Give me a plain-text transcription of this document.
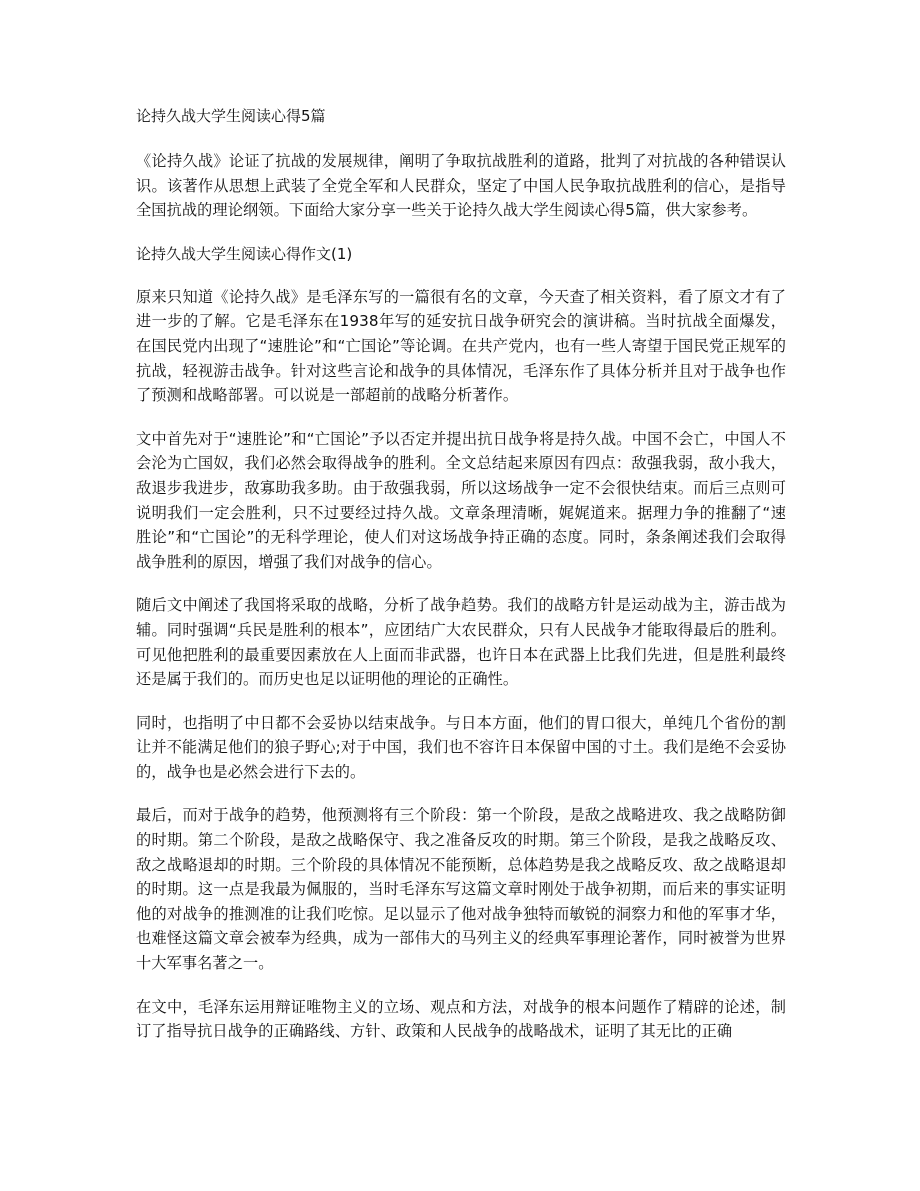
论持久战大学生阅读心得5篇

《论持久战》论证了抗战的发展规律，阐明了争取抗战胜利的道路，批判了对抗战的各种错误认识。该著作从思想上武装了全党全军和人民群众，坚定了中国人民争取抗战胜利的信心，是指导全国抗战的理论纲领。下面给大家分享一些关于论持久战大学生阅读心得5篇，供大家参考。

论持久战大学生阅读心得作文(1)

原来只知道《论持久战》是毛泽东写的一篇很有名的文章，今天查了相关资料，看了原文才有了进一步的了解。它是毛泽东在1938年写的延安抗日战争研究会的演讲稿。当时抗战全面爆发，在国民党内出现了“速胜论”和“亡国论”等论调。在共产党内，也有一些人寄望于国民党正规军的抗战，轻视游击战争。针对这些言论和战争的具体情况，毛泽东作了具体分析并且对于战争也作了预测和战略部署。可以说是一部超前的战略分析著作。

文中首先对于“速胜论”和“亡国论”予以否定并提出抗日战争将是持久战。中国不会亡，中国人不会沦为亡国奴，我们必然会取得战争的胜利。全文总结起来原因有四点：敌强我弱，敌小我大，敌退步我进步，敌寡助我多助。由于敌强我弱，所以这场战争一定不会很快结束。而后三点则可说明我们一定会胜利，只不过要经过持久战。文章条理清晰，娓娓道来。据理力争的推翻了“速胜论”和“亡国论”的无科学理论，使人们对这场战争持正确的态度。同时，条条阐述我们会取得战争胜利的原因，增强了我们对战争的信心。

随后文中阐述了我国将采取的战略，分析了战争趋势。我们的战略方针是运动战为主，游击战为辅。同时强调“兵民是胜利的根本”，应团结广大农民群众，只有人民战争才能取得最后的胜利。可见他把胜利的最重要因素放在人上面而非武器，也许日本在武器上比我们先进，但是胜利最终还是属于我们的。而历史也足以证明他的理论的正确性。

同时，也指明了中日都不会妥协以结束战争。与日本方面，他们的胃口很大，单纯几个省份的割让并不能满足他们的狼子野心;对于中国，我们也不容许日本保留中国的寸土。我们是绝不会妥协的，战争也是必然会进行下去的。

最后，而对于战争的趋势，他预测将有三个阶段：第一个阶段，是敌之战略进攻、我之战略防御的时期。第二个阶段，是敌之战略保守、我之准备反攻的时期。第三个阶段，是我之战略反攻、敌之战略退却的时期。三个阶段的具体情况不能预断，总体趋势是我之战略反攻、敌之战略退却的时期。这一点是我最为佩服的，当时毛泽东写这篇文章时刚处于战争初期，而后来的事实证明他的对战争的推测准的让我们吃惊。足以显示了他对战争独特而敏锐的洞察力和他的军事才华，也难怪这篇文章会被奉为经典，成为一部伟大的马列主义的经典军事理论著作，同时被誉为世界十大军事名著之一。

在文中，毛泽东运用辩证唯物主义的立场、观点和方法，对战争的根本问题作了精辟的论述，制订了指导抗日战争的正确路线、方针、政策和人民战争的战略战术，证明了其无比的正确
